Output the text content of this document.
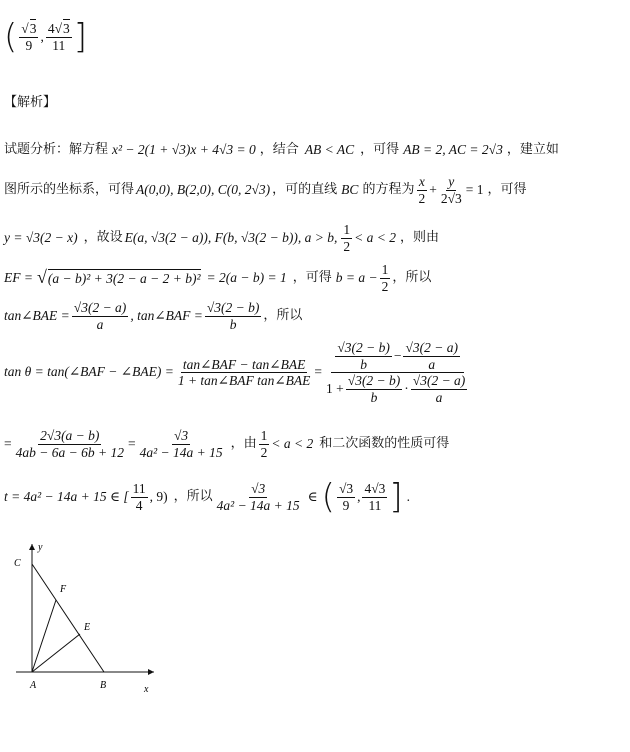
( $\frac{√3}{9}$ , $\frac{4√3}{11}$ ]
【解析】
试题分析：解方程 x² − 2(1 + √3)x + 4√3 = 0 ，结合 AB < AC ，可得 AB = 2, AC = 2√3 ，建立如
图所示的坐标系，可得 A(0,0), B(2,0), C(0, 2√3) ，可的直线 BC 的方程为 $\frac{x}{2} + \frac{y}{2√3} = 1$ ，可得
y = √3(2 − x) ，故设 E(a, √3(2 − a)), F(b, √3(2 − b)), a > b, $\frac{1}{2} < a < 2$ ，则由
EF = √ (a − b)² + 3(2 − a − 2 + b)² = 2(a − b) = 1 ，可得 $b = a - \frac{1}{2}$ ，所以
tan∠BAE = $\frac{√3(2 - a)}{a}$ , tan∠BAF = $\frac{√3(2 - b)}{b}$ ，所以
tan θ = tan(∠BAF − ∠BAE) = $\frac{\text{tan∠BAF − tan∠BAE}}{\text{1 + tan∠BAF tan∠BAE}} = \frac{√3(2 - b)}{b} - \frac{√3(2 - a)}{a}$
$1 + \frac{√3(2 - b)}{b} \cdot \frac{√3(2 - a)}{a}$
= $\frac{2√3(a - b)}{4ab - 6a - 6b + 12} = \frac{√3}{\text{4a² − 14a + 15}}$ ，由 $\frac{1}{2} < a < 2$ 和二次函数的性质可得
t = 4a² − 14a + 15 ∈ [ $\frac{11}{4}$ , 9) ，所以 $\frac{√3}{\text{4a² − 14a + 15}}$ ∈ ( $\frac{√3}{9}$ , $\frac{4√3}{11}$ ] .
y
C
F
E
A	B	x
